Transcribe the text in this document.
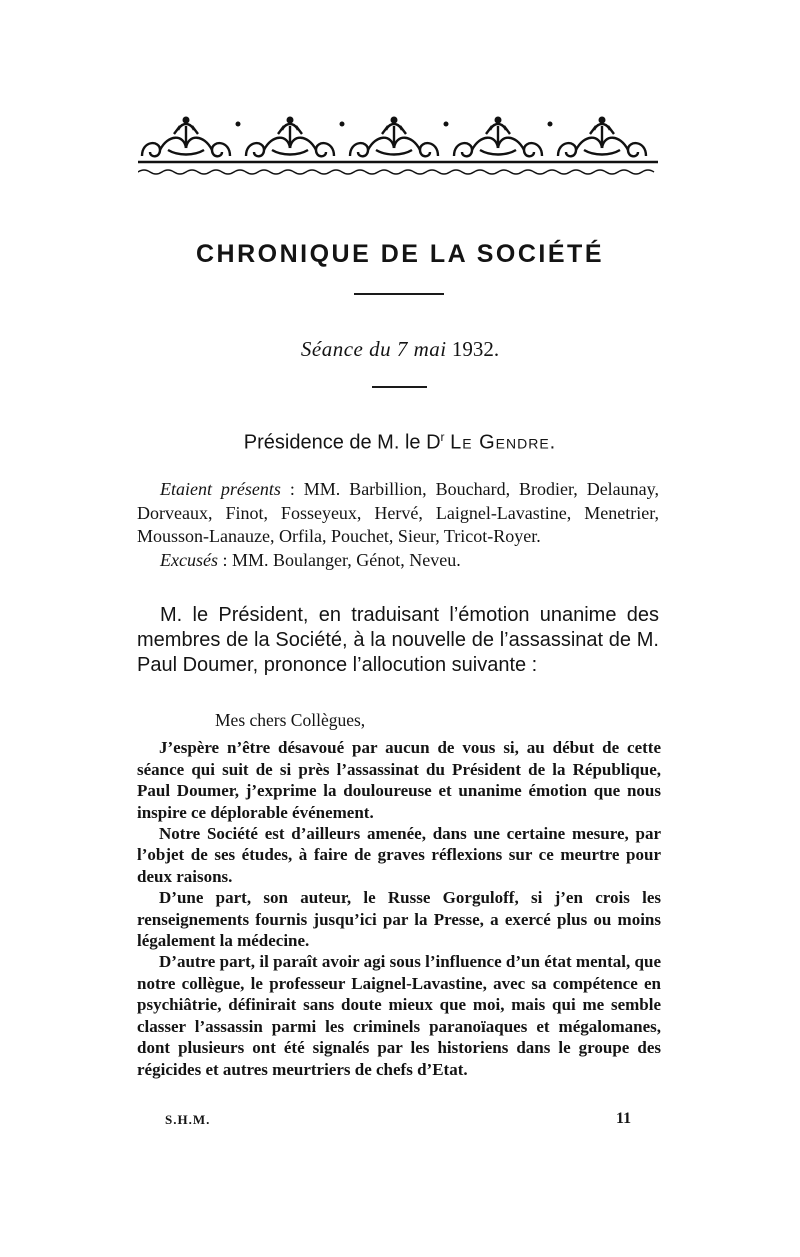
CHRONIQUE DE LA SOCIÉTÉ
Séance du 7 mai 1932.
Présidence de M. le $D^r$ Le Gendre.

Etaient présents : MM. Barbillion, Bouchard, Brodier, Delaunay, Dorveaux, Finot, Fosseyeux, Hervé, Laignel-Lavastine, Menetrier, Mousson-Lanauze, Orfila, Pouchet, Sieur, Tricot-Royer.

Excusés : MM. Boulanger, Génot, Neveu.

M. le Président, en traduisant l’émotion unanime des membres de la Société, à la nouvelle de l’assassinat de M. Paul Doumer, prononce l’allocution suivante :

Mes chers Collègues,

J’espère n’être désavoué par aucun de vous si, au début de cette séance qui suit de si près l’assassinat du Président de la République, Paul Doumer, j’exprime la douloureuse et unanime émotion que nous inspire ce déplorable événement.

Notre Société est d’ailleurs amenée, dans une certaine mesure, par l’objet de ses études, à faire de graves réflexions sur ce meurtre pour deux raisons.

D’une part, son auteur, le Russe Gorguloff, si j’en crois les renseignements fournis jusqu’ici par la Presse, a exercé plus ou moins légalement la médecine.

D’autre part, il paraît avoir agi sous l’influence d’un état mental, que notre collègue, le professeur Laignel-Lavastine, avec sa compétence en psychiâtrie, définirait sans doute mieux que moi, mais qui me semble classer l’assassin parmi les criminels paranoïaques et mégalomanes, dont plusieurs ont été signalés par les historiens dans le groupe des régicides et autres meurtriers de chefs d’Etat.

S.H.M.	11
